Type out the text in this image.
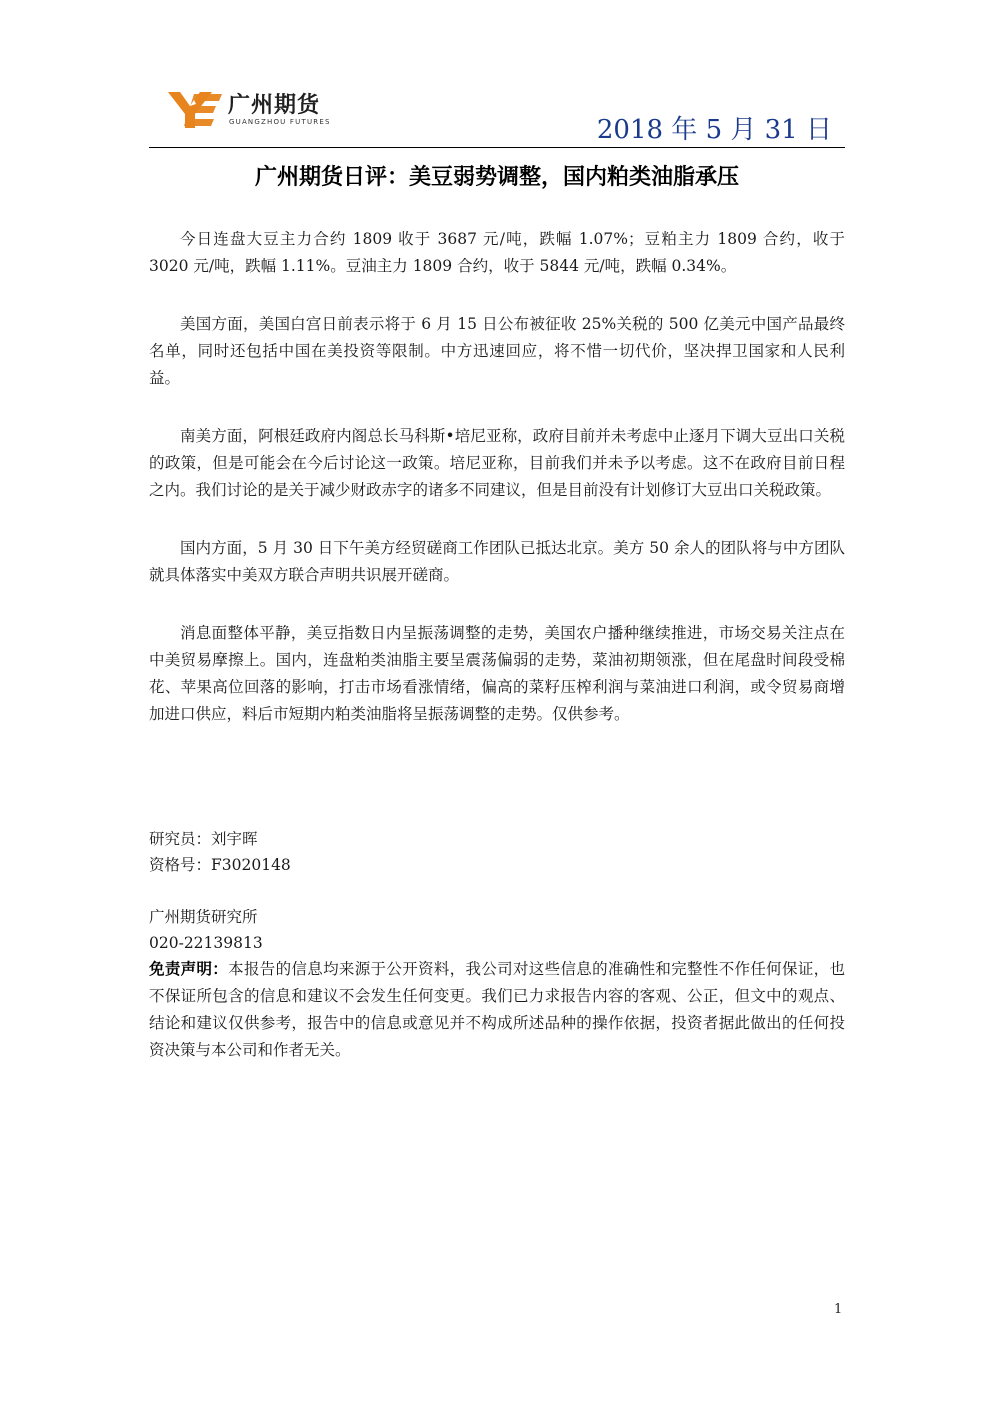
广州期货
GUANGZHOU FUTURES	2018 年 5 月 31 日
广州期货日评：美豆弱势调整，国内粕类油脂承压

今日连盘大豆主力合约 1809 收于 3687 元/吨，跌幅 1.07%；豆粕主力 1809 合约，收于 3020 元/吨，跌幅 1.11%。豆油主力 1809 合约，收于 5844 元/吨，跌幅 0.34%。

美国方面，美国白宫日前表示将于 6 月 15 日公布被征收 25%关税的 500 亿美元中国产品最终名单，同时还包括中国在美投资等限制。中方迅速回应，将不惜一切代价，坚决捍卫国家和人民利益。

南美方面，阿根廷政府内阁总长马科斯•培尼亚称，政府目前并未考虑中止逐月下调大豆出口关税的政策，但是可能会在今后讨论这一政策。培尼亚称，目前我们并未予以考虑。这不在政府目前日程之内。我们讨论的是关于减少财政赤字的诸多不同建议，但是目前没有计划修订大豆出口关税政策。

国内方面，5 月 30 日下午美方经贸磋商工作团队已抵达北京。美方 50 余人的团队将与中方团队就具体落实中美双方联合声明共识展开磋商。

消息面整体平静，美豆指数日内呈振荡调整的走势，美国农户播种继续推进，市场交易关注点在中美贸易摩擦上。国内，连盘粕类油脂主要呈震荡偏弱的走势，菜油初期领涨，但在尾盘时间段受棉花、苹果高位回落的影响，打击市场看涨情绪，偏高的菜籽压榨利润与菜油进口利润，或令贸易商增加进口供应，料后市短期内粕类油脂将呈振荡调整的走势。仅供参考。

研究员：刘宇晖
资格号：F3020148
广州期货研究所
020-22139813
免责声明：本报告的信息均来源于公开资料，我公司对这些信息的准确性和完整性不作任何保证，也不保证所包含的信息和建议不会发生任何变更。我们已力求报告内容的客观、公正，但文中的观点、结论和建议仅供参考，报告中的信息或意见并不构成所述品种的操作依据，投资者据此做出的任何投资决策与本公司和作者无关。
1
